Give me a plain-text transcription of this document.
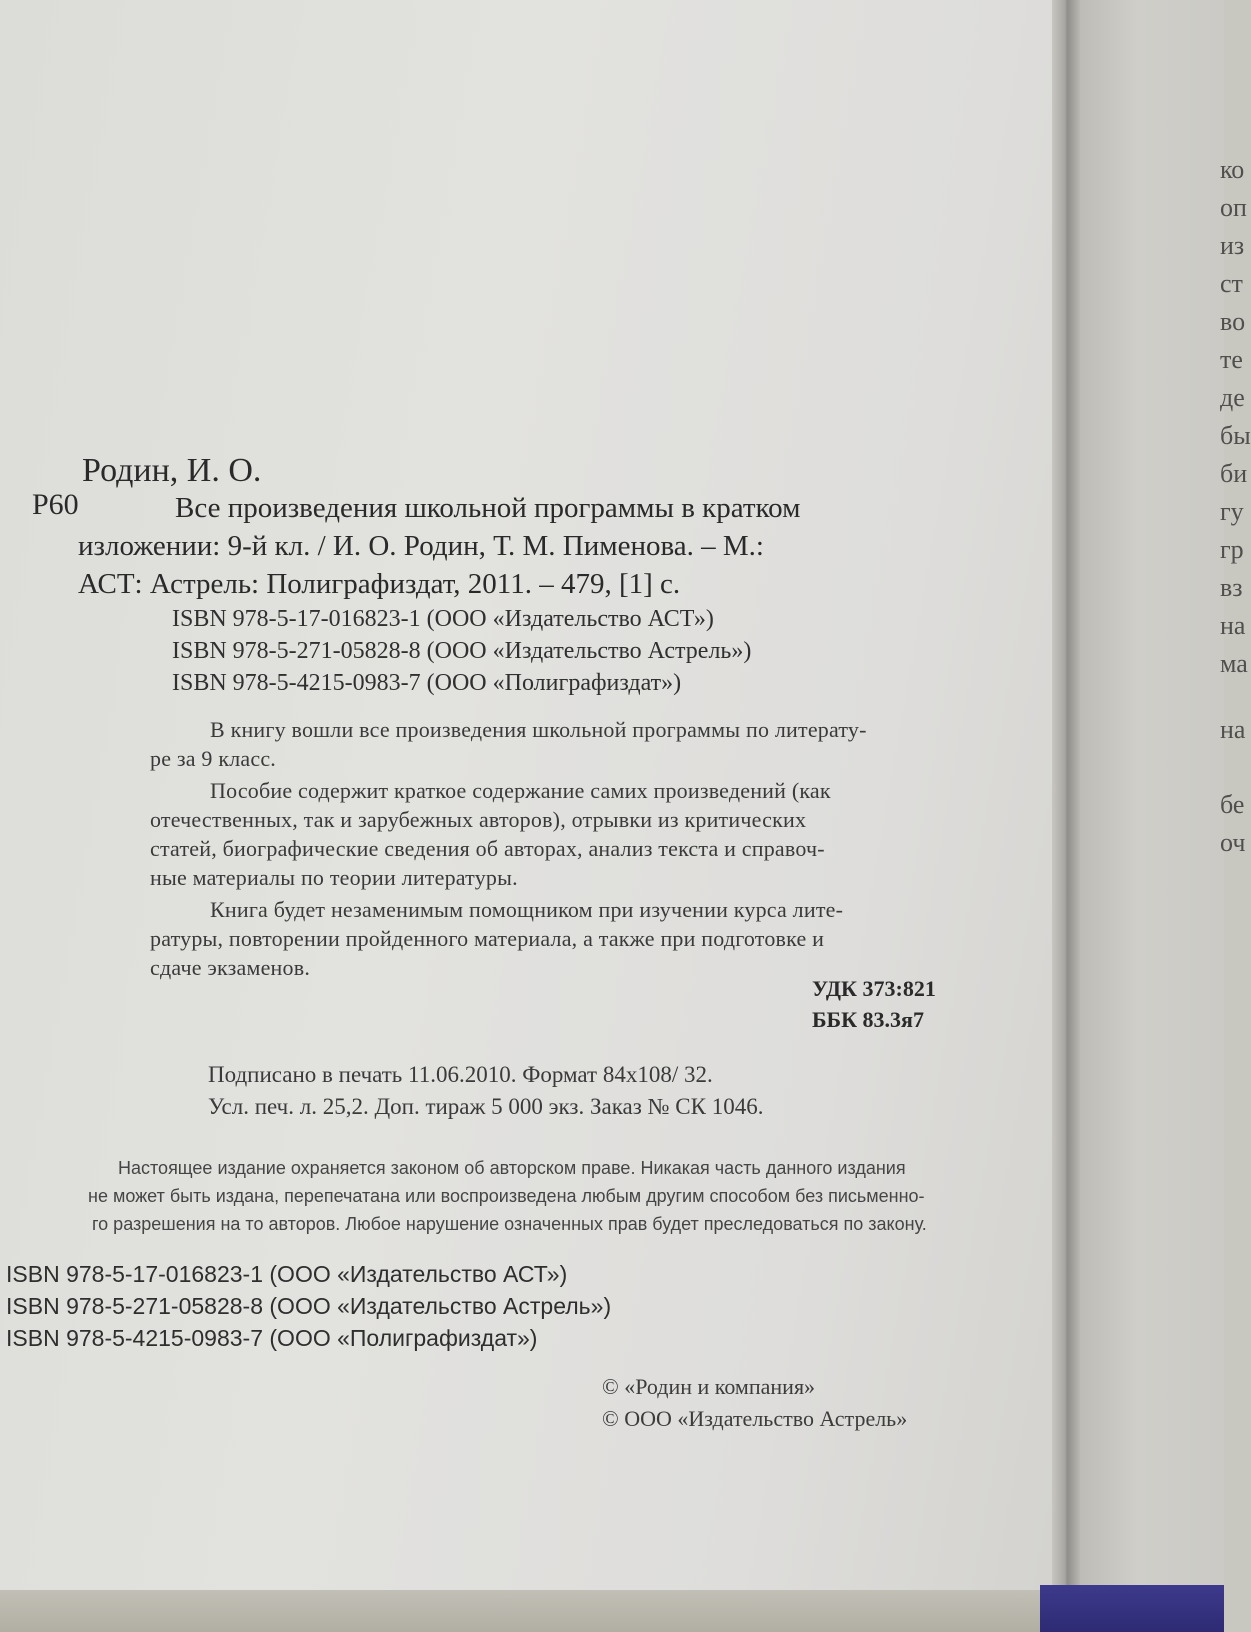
Родин, И. О.
Р60	Все произведения школьной программы в кратком
изложении: 9-й кл. / И. О. Родин, Т. М. Пименова. – М.:
АСТ: Астрель: Полиграфиздат, 2011. – 479, [1] с.
ISBN 978-5-17-016823-1 (ООО «Издательство АСТ»)
ISBN 978-5-271-05828-8 (ООО «Издательство Астрель»)
ISBN 978-5-4215-0983-7 (ООО «Полиграфиздат»)
В книгу вошли все произведения школьной программы по литерату-
ре за 9 класс.
Пособие содержит краткое содержание самих произведений (как
отечественных, так и зарубежных авторов), отрывки из критических
статей, биографические сведения об авторах, анализ текста и справоч-
ные материалы по теории литературы.
Книга будет незаменимым помощником при изучении курса лите-
ратуры, повторении пройденного материала, а также при подготовке и
сдаче экзаменов.
УДК 373:821
ББК 83.3я7
Подписано в печать 11.06.2010. Формат 84x108/ 32.
Усл. печ. л. 25,2. Доп. тираж 5 000 экз. Заказ № СК 1046.
Настоящее издание охраняется законом об авторском праве. Никакая часть данного издания
не может быть издана, перепечатана или воспроизведена любым другим способом без письменно-
го разрешения на то авторов. Любое нарушение означенных прав будет преследоваться по закону.
ISBN 978-5-17-016823-1 (ООО «Издательство АСТ»)
ISBN 978-5-271-05828-8 (ООО «Издательство Астрель»)
ISBN 978-5-4215-0983-7 (ООО «Полиграфиздат»)
© «Родин и компания»
© ООО «Издательство Астрель»
ко
оп
из
ст
во
те
де
бы
би
гу
гр
вз
на
ма
на
бе
оч
